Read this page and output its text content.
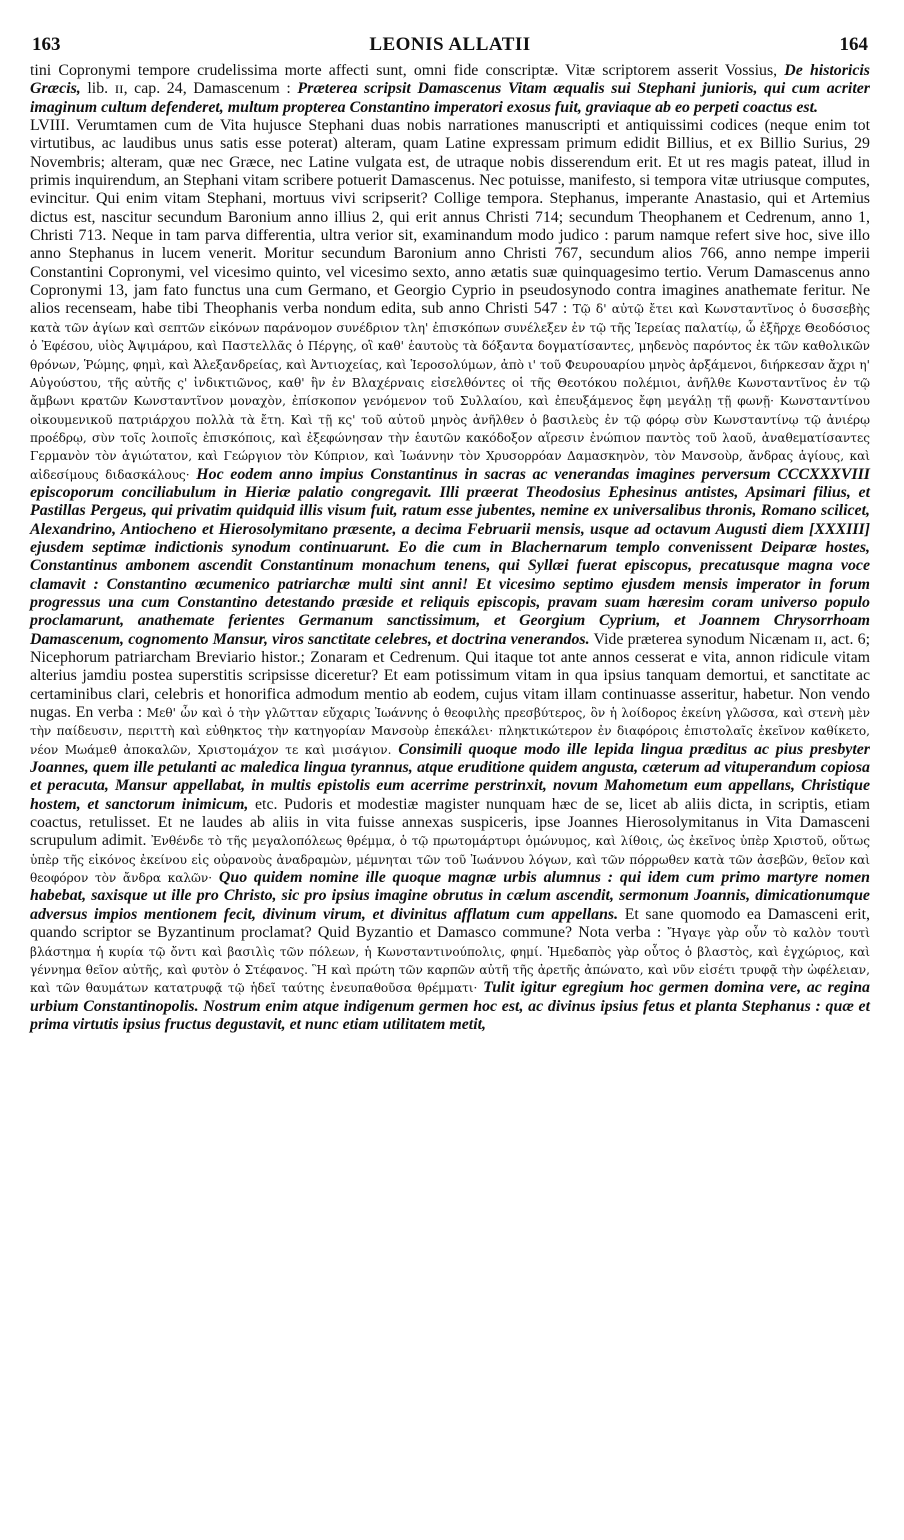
163	LEONIS ALLATII	164

tini Copronymi tempore crudelissima morte affecti sunt, omni fide conscriptæ. Vitæ scriptorem asserit Vossius, De historicis Græcis, lib. ɪɪ, cap. 24, Damascenum : Præterea scripsit Damascenus Vitam æqualis sui Stephani junioris, qui cum acriter imaginum cultum defenderet, multum propterea Constantino imperatori exosus fuit, graviaque ab eo perpeti coactus est.

LVIII. Verumtamen cum de Vita hujusce Stephani duas nobis narrationes manuscripti et antiquissimi codices (neque enim tot virtutibus, ac laudibus unus satis esse poterat) alteram, quam Latine expressam primum edidit Billius, et ex Billio Surius, 29 Novembris; alteram, quæ nec Græce, nec Latine vulgata est, de utraque nobis disserendum erit. Et ut res magis pateat, illud in primis inquirendum, an Stephani vitam scribere potuerit Damascenus. Nec potuisse, manifesto, si tempora vitæ utriusque computes, evincitur. Qui enim vitam Stephani, mortuus vivi scripserit? Collige tempora. Stephanus, imperante Anastasio, qui et Artemius dictus est, nascitur secundum Baronium anno illius 2, qui erit annus Christi 714; secundum Theophanem et Cedrenum, anno 1, Christi 713. Neque in tam parva differentia, ultra verior sit, examinandum modo judico : parum namque refert sive hoc, sive illo anno Stephanus in lucem venerit. Moritur secundum Baronium anno Christi 767, secundum alios 766, anno nempe imperii Constantini Copronymi, vel vicesimo quinto, vel vicesimo sexto, anno ætatis suæ quinquagesimo tertio. Verum Damascenus anno Copronymi 13, jam fato functus una cum Germano, et Georgio Cyprio in pseudosynodo contra imagines anathemate feritur. Ne alios recenseam, habe tibi Theophanis verba nondum edita, sub anno Christi 547 : Τῷ δ' αὐτῷ ἔτει καὶ Κωνσταντῖνος ὁ δυσσεβὴς κατὰ τῶν ἁγίων καὶ σεπτῶν εἰκόνων παράνομον συνέδριον τλη' ἐπισκόπων συνέλεξεν ἐν τῷ τῆς Ἱερείας παλατίῳ, ὧ ἐξῆρχε Θεοδόσιος ὁ Ἐφέσου, υἱὸς Ἀψιμάρου, καὶ Παστελλᾶς ὁ Πέργης, οἳ καθ' ἑαυτοὺς τὰ δόξαντα δογματίσαντες, μηδενὸς παρόντος ἐκ τῶν καθολικῶν θρόνων, Ῥώμης, φημὶ, καὶ Ἀλεξανδρείας, καὶ Ἀντιοχείας, καὶ Ἱεροσολύμων, ἀπὸ ι' τοῦ Φευρουαρίου μηνὸς ἀρξάμενοι, διήρκεσαν ἄχρι η' Αὐγούστου, τῆς αὐτῆς ς' ἰνδικτιῶνος, καθ' ἣν ἐν Βλαχέρναις εἰσελθόντες οἱ τῆς Θεοτόκου πολέμιοι, ἀνῆλθε Κωνσταντῖνος ἐν τῷ ἄμβωνι κρατῶν Κωνσταντῖνον μοναχὸν, ἐπίσκοπον γενόμενον τοῦ Συλλαίου, καὶ ἐπευξάμενος ἔφη μεγάλῃ τῇ φωνῇ· Κωνσταντίνου οἰκουμενικοῦ πατριάρχου πολλὰ τὰ ἔτη. Καὶ τῇ κς' τοῦ αὐτοῦ μηνὸς ἀνῆλθεν ὁ βασιλεὺς ἐν τῷ φόρῳ σὺν Κωνσταντίνῳ τῷ ἀνιέρῳ προέδρῳ, σὺν τοῖς λοιποῖς ἐπισκόποις, καὶ ἐξεφώνησαν τὴν ἑαυτῶν κακόδοξον αἵρεσιν ἐνώπιον παντὸς τοῦ λαοῦ, ἀναθεματίσαντες Γερμανὸν τὸν ἁγιώτατον, καὶ Γεώργιον τὸν Κύπριον, καὶ Ἰωάννην τὸν Χρυσορρόαν Δαμασκηνὸν, τὸν Μανσοὺρ, ἄνδρας ἁγίους, καὶ αἰδεσίμους διδασκάλους· Hoc eodem anno impius Constantinus in sacras ac venerandas imagines perversum CCCXXXVIII episcoporum conciliabulum in Hieriæ palatio congregavit. Illi præerat Theodosius Ephesinus antistes, Apsimari filius, et Pastillas Pergeus, qui privatim quidquid illis visum fuit, ratum esse jubentes, nemine ex universalibus thronis, Romano scilicet, Alexandrino, Antiocheno et Hierosolymitano præsente, a decima Februarii mensis, usque ad octavum Augusti diem [XXXIII] ejusdem septimæ indictionis synodum continuarunt. Eo die cum in Blachernarum templo convenissent Deiparæ hostes, Constantinus ambonem ascendit Constantinum monachum tenens, qui Syllæi fuerat episcopus, precatusque magna voce clamavit : Constantino œcumenico patriarchæ multi sint anni! Et vicesimo septimo ejusdem mensis imperator in forum progressus una cum Constantino detestando præside et reliquis episcopis, pravam suam hæresim coram universo populo proclamarunt, anathemate ferientes Germanum sanctissimum, et Georgium Cyprium, et Joannem Chrysorrhoam Damascenum, cognomento Mansur, viros sanctitate celebres, et doctrina venerandos. Vide præterea synodum Nicænam ɪɪ, act. 6; Nicephorum patriarcham Breviario histor.; Zonaram et Cedrenum. Qui itaque tot ante annos cesserat e vita, annon ridicule vitam alterius jamdiu postea superstitis scripsisse diceretur? Et eam potissimum vitam in qua ipsius tanquam demortui, et sanctitate ac certaminibus clari, celebris et honorifica admodum mentio ab eodem, cujus vitam illam continuasse asseritur, habetur. Non vendo nugas. En verba : Μεθ' ὧν καὶ ὁ τὴν γλῶτταν εὔχαρις Ἰωάννης ὁ θεοφιλὴς πρεσβύτερος, ὃν ἡ λοίδορος ἐκείνη γλῶσσα, καὶ στενὴ μὲν τὴν παίδευσιν, περιττὴ καὶ εὐθηκτος τὴν κατηγορίαν Μανσοὺρ ἐπεκάλει· πληκτικώτερον ἐν διαφόροις ἐπιστολαῖς ἐκεῖνον καθίκετο, νέον Μωάμεθ ἀποκαλῶν, Χριστομάχον τε καὶ μισάγιον. Consimili quoque modo ille lepida lingua præditus ac pius presbyter Joannes, quem ille petulanti ac maledica lingua tyrannus, atque eruditione quidem angusta, cæterum ad vituperandum copiosa et peracuta, Mansur appellabat, in multis epistolis eum acerrime perstrinxit, novum Mahometum eum appellans, Christique hostem, et sanctorum inimicum, etc. Pudoris et modestiæ magister nunquam hæc de se, licet ab aliis dicta, in scriptis, etiam coactus, retulisset. Et ne laudes ab aliis in vita fuisse annexas suspiceris, ipse Joannes Hierosolymitanus in Vita Damasceni scrupulum adimit. Ἐνθένδε τὸ τῆς μεγαλοπόλεως θρέμμα, ὁ τῷ πρωτομάρτυρι ὁμώνυμος, καὶ λίθοις, ὡς ἐκεῖνος ὑπὲρ Χριστοῦ, οὕτως ὑπὲρ τῆς εἰκόνος ἐκείνου εἰς οὐρανοὺς ἀναδραμὼν, μέμνηται τῶν τοῦ Ἰωάννου λόγων, καὶ τῶν πόρρωθεν κατὰ τῶν ἀσεβῶν, θεῖον καὶ θεοφόρον τὸν ἄνδρα καλῶν· Quo quidem nomine ille quoque magnæ urbis alumnus : qui idem cum primo martyre nomen habebat, saxisque ut ille pro Christo, sic pro ipsius imagine obrutus in cælum ascendit, sermonum Joannis, dimicationumque adversus impios mentionem fecit, divinum virum, et divinitus afflatum cum appellans. Et sane quomodo ea Damasceni erit, quando scriptor se Byzantinum proclamat? Quid Byzantio et Damasco commune? Nota verba : Ἤγαγε γὰρ οὖν τὸ καλὸν τουτὶ βλάστημα ἡ κυρία τῷ ὄντι καὶ βασιλὶς τῶν πόλεων, ἡ Κωνσταντινούπολις, φημί. Ἡμεδαπὸς γὰρ οὗτος ὁ βλαστὸς, καὶ ἐγχώριος, καὶ γέννημα θεῖον αὐτῆς, καὶ φυτὸν ὁ Στέφανος. Ἣ καὶ πρώτη τῶν καρπῶν αὐτῆ τῆς ἀρετῆς ἀπώνατο, καὶ νῦν εἰσέτι τρυφᾷ τὴν ὠφέλειαν, καὶ τῶν θαυμάτων κατατρυφᾷ τῷ ἡδεῖ ταύτης ἐνευπαθοῦσα θρέμματι· Tulit igitur egregium hoc germen domina vere, ac regina urbium Constantinopolis. Nostrum enim atque indigenum germen hoc est, ac divinus ipsius fetus et planta Stephanus : quæ et prima virtutis ipsius fructus degustavit, et nunc etiam utilitatem metit,
